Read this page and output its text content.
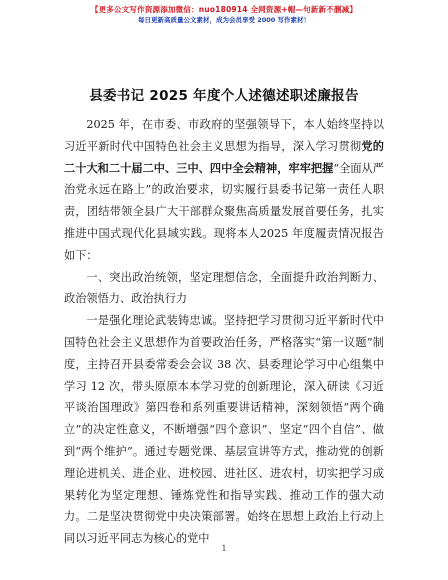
【更多公文写作资源添加微信：nuo180914 全网资源+帽—句新新不删减】
每日更新高质量公文素材，成为会员享受 2000 写作素材！
县委书记 2025 年度个人述德述职述廉报告

2025 年，在市委、市政府的坚强领导下，本人始终坚持以习近平新时代中国特色社会主义思想为指导，深入学习贯彻党的二十大和二十届二中、三中、四中全会精神，牢牢把握“全面从严治党永远在路上”的政治要求，切实履行县委书记第一责任人职责，团结带领全县广大干部群众聚焦高质量发展首要任务，扎实推进中国式现代化县域实践。现将本人2025 年度履责情况报告如下：

一、突出政治统领，坚定理想信念，全面提升政治判断力、政治领悟力、政治执行力

一是强化理论武装铸忠诚。坚持把学习贯彻习近平新时代中国特色社会主义思想作为首要政治任务，严格落实“第一议题”制度，主持召开县委常委会会议 38 次、县委理论学习中心组集中学习 12 次，带头原原本本学习党的创新理论，深入研读《习近平谈治国理政》第四卷和系列重要讲话精神，深刻领悟“两个确立”的决定性意义，不断增强“四个意识”、坚定“四个自信”、做到“两个维护”。通过专题党课、基层宣讲等方式，推动党的创新理论进机关、进企业、进校园、进社区、进农村，切实把学习成果转化为坚定理想、锤炼党性和指导实践、推动工作的强大动力。二是坚决贯彻党中央决策部署。始终在思想上政治上行动上同以习近平同志为核心的党中

1
